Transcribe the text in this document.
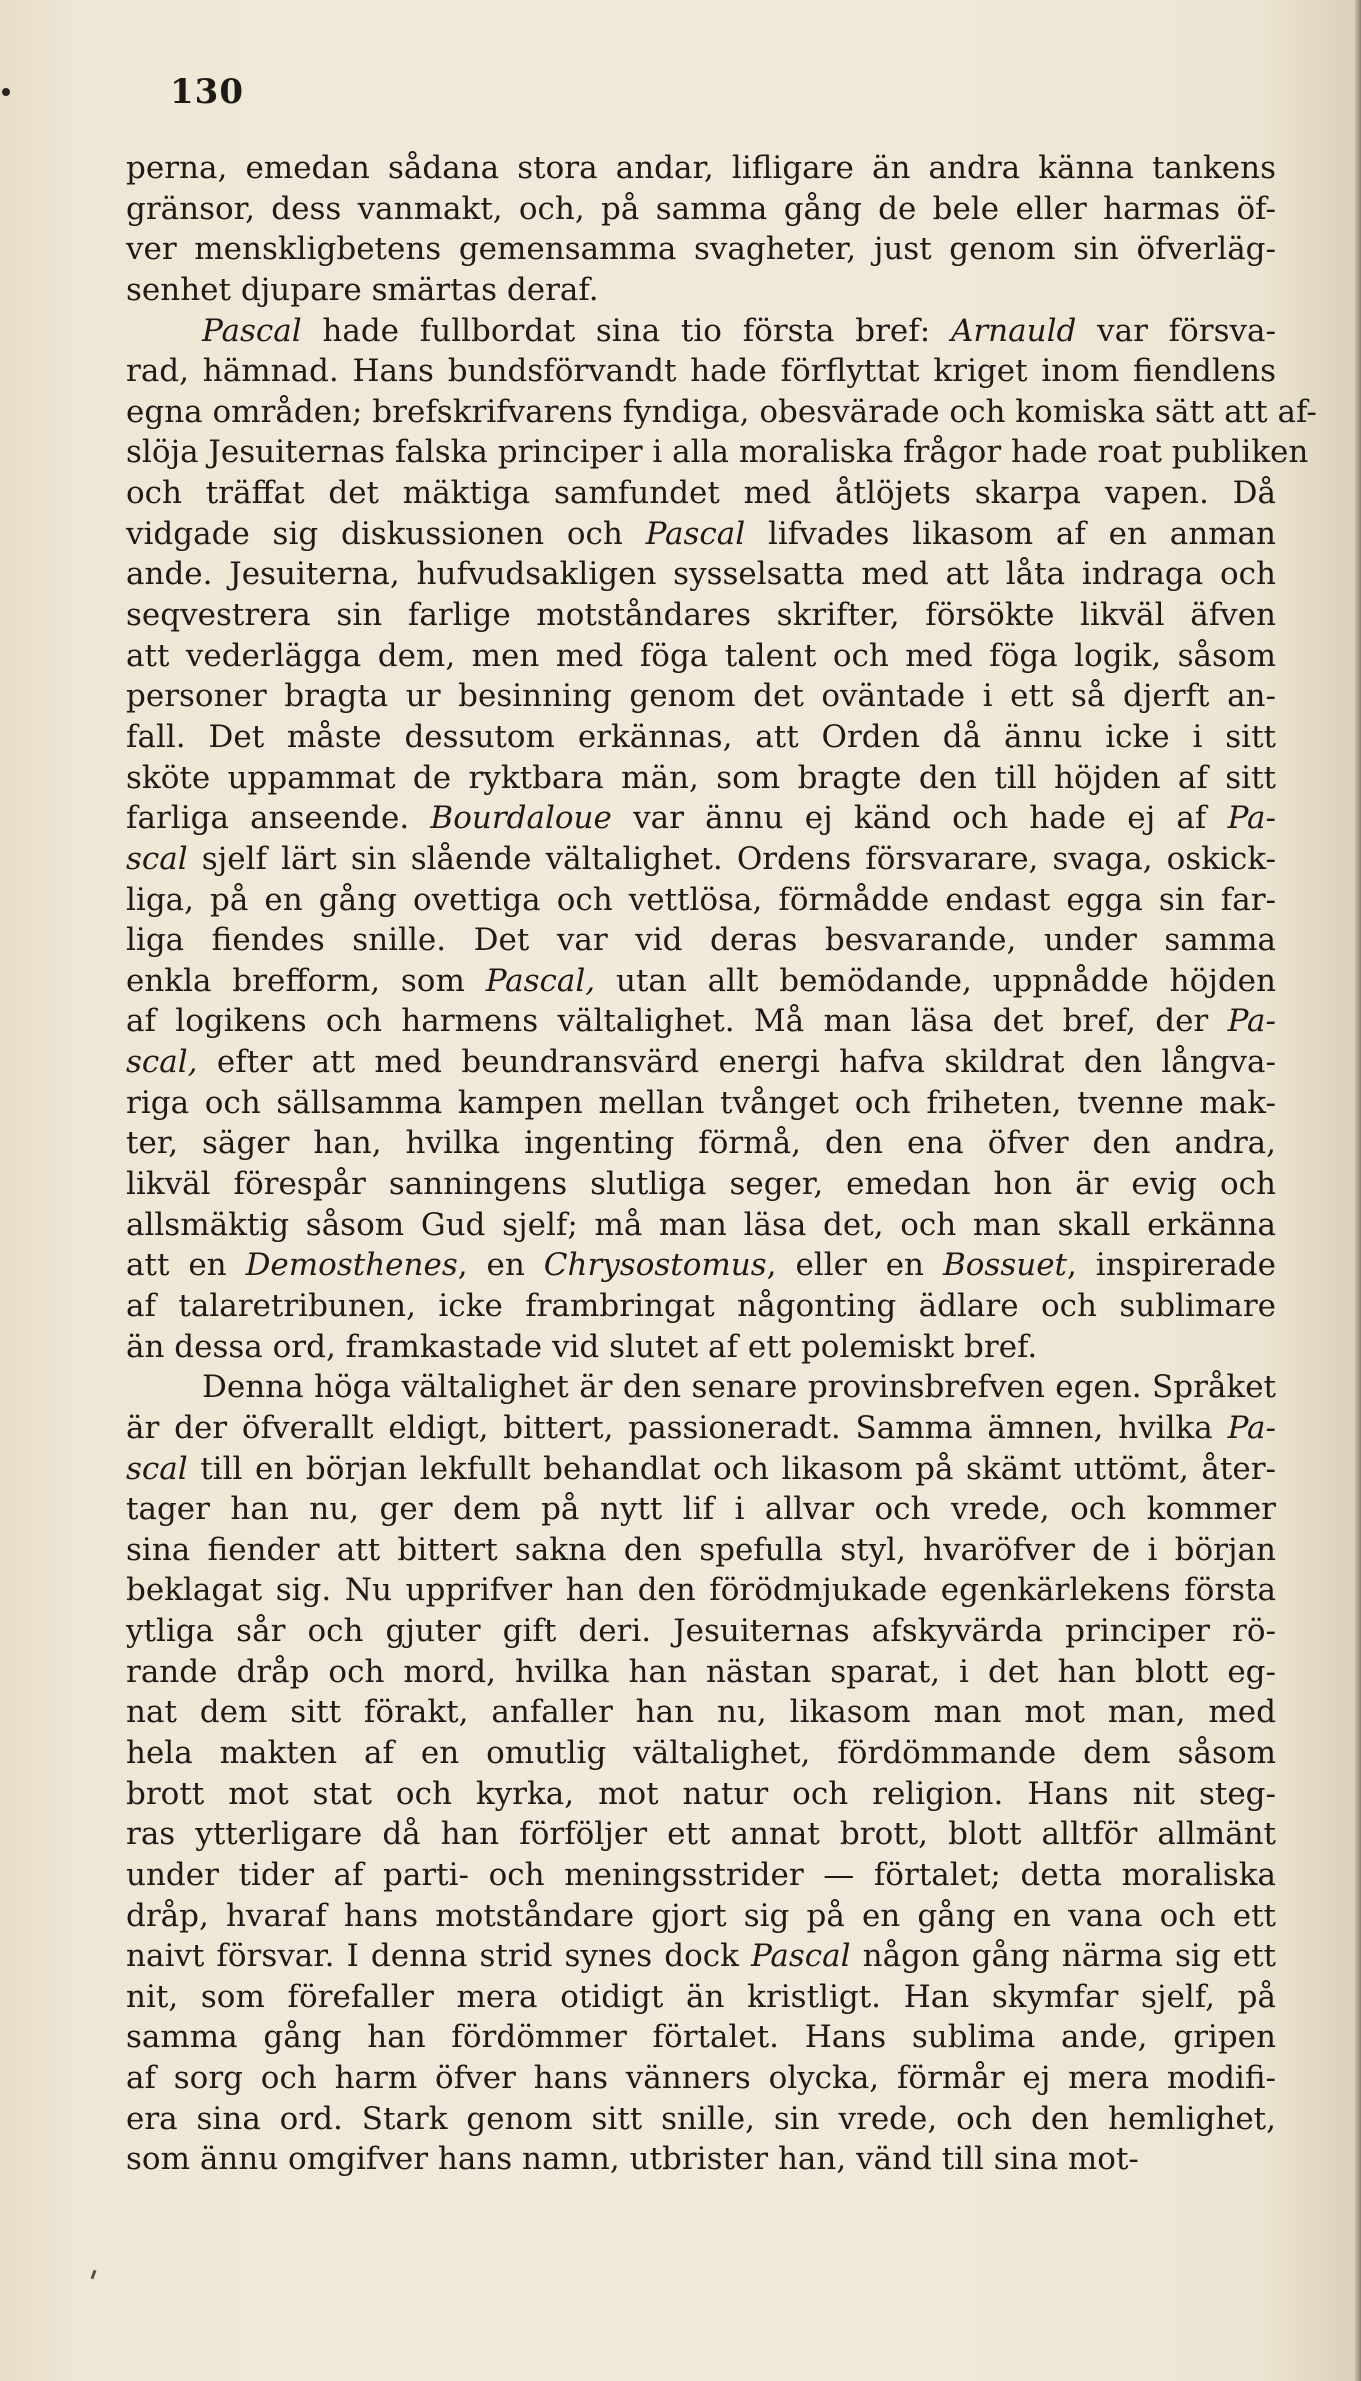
130
perna, emedan sådana stora andar, lifligare än andra känna tankens
gränsor, dess vanmakt, och, på samma gång de bele eller harmas öf-
ver menskligbetens gemensamma svagheter, just genom sin öfverläg-
senhet djupare smärtas deraf.
Pascal hade fullbordat sina tio första bref: Arnauld var försva-
rad, hämnad. Hans bundsförvandt hade förflyttat kriget inom fiendlens
egna områden; brefskrifvarens fyndiga, obesvärade och komiska sätt att af-
slöja Jesuiternas falska principer i alla moraliska frågor hade roat publiken
och träffat det mäktiga samfundet med åtlöjets skarpa vapen. Då
vidgade sig diskussionen och Pascal lifvades likasom af en anman
ande. Jesuiterna, hufvudsakligen sysselsatta med att låta indraga och
seqvestrera sin farlige motståndares skrifter, försökte likväl äfven
att vederlägga dem, men med föga talent och med föga logik, såsom
personer bragta ur besinning genom det oväntade i ett så djerft an-
fall. Det måste dessutom erkännas, att Orden då ännu icke i sitt
sköte uppammat de ryktbara män, som bragte den till höjden af sitt
farliga anseende. Bourdaloue var ännu ej känd och hade ej af Pa-
scal sjelf lärt sin slående vältalighet. Ordens försvarare, svaga, oskick-
liga, på en gång ovettiga och vettlösa, förmådde endast egga sin far-
liga fiendes snille. Det var vid deras besvarande, under samma
enkla brefform, som Pascal, utan allt bemödande, uppnådde höjden
af logikens och harmens vältalighet. Må man läsa det bref, der Pa-
scal, efter att med beundransvärd energi hafva skildrat den långva-
riga och sällsamma kampen mellan tvånget och friheten, tvenne mak-
ter, säger han, hvilka ingenting förmå, den ena öfver den andra,
likväl förespår sanningens slutliga seger, emedan hon är evig och
allsmäktig såsom Gud sjelf; må man läsa det, och man skall erkänna
att en Demosthenes, en Chrysostomus, eller en Bossuet, inspirerade
af talaretribunen, icke frambringat någonting ädlare och sublimare
än dessa ord, framkastade vid slutet af ett polemiskt bref.
Denna höga vältalighet är den senare provinsbrefven egen. Språket
är der öfverallt eldigt, bittert, passioneradt. Samma ämnen, hvilka Pa-
scal till en början lekfullt behandlat och likasom på skämt uttömt, åter-
tager han nu, ger dem på nytt lif i allvar och vrede, och kommer
sina fiender att bittert sakna den spefulla styl, hvaröfver de i början
beklagat sig. Nu upprifver han den förödmjukade egenkärlekens första
ytliga sår och gjuter gift deri. Jesuiternas afskyvärda principer rö-
rande dråp och mord, hvilka han nästan sparat, i det han blott eg-
nat dem sitt förakt, anfaller han nu, likasom man mot man, med
hela makten af en omutlig vältalighet, fördömmande dem såsom
brott mot stat och kyrka, mot natur och religion. Hans nit steg-
ras ytterligare då han förföljer ett annat brott, blott alltför allmänt
under tider af parti- och meningsstrider — förtalet; detta moraliska
dråp, hvaraf hans motståndare gjort sig på en gång en vana och ett
naivt försvar. I denna strid synes dock Pascal någon gång närma sig ett
nit, som förefaller mera otidigt än kristligt. Han skymfar sjelf, på
samma gång han fördömmer förtalet. Hans sublima ande, gripen
af sorg och harm öfver hans vänners olycka, förmår ej mera modifi-
era sina ord. Stark genom sitt snille, sin vrede, och den hemlighet,
som ännu omgifver hans namn, utbrister han, vänd till sina mot-
